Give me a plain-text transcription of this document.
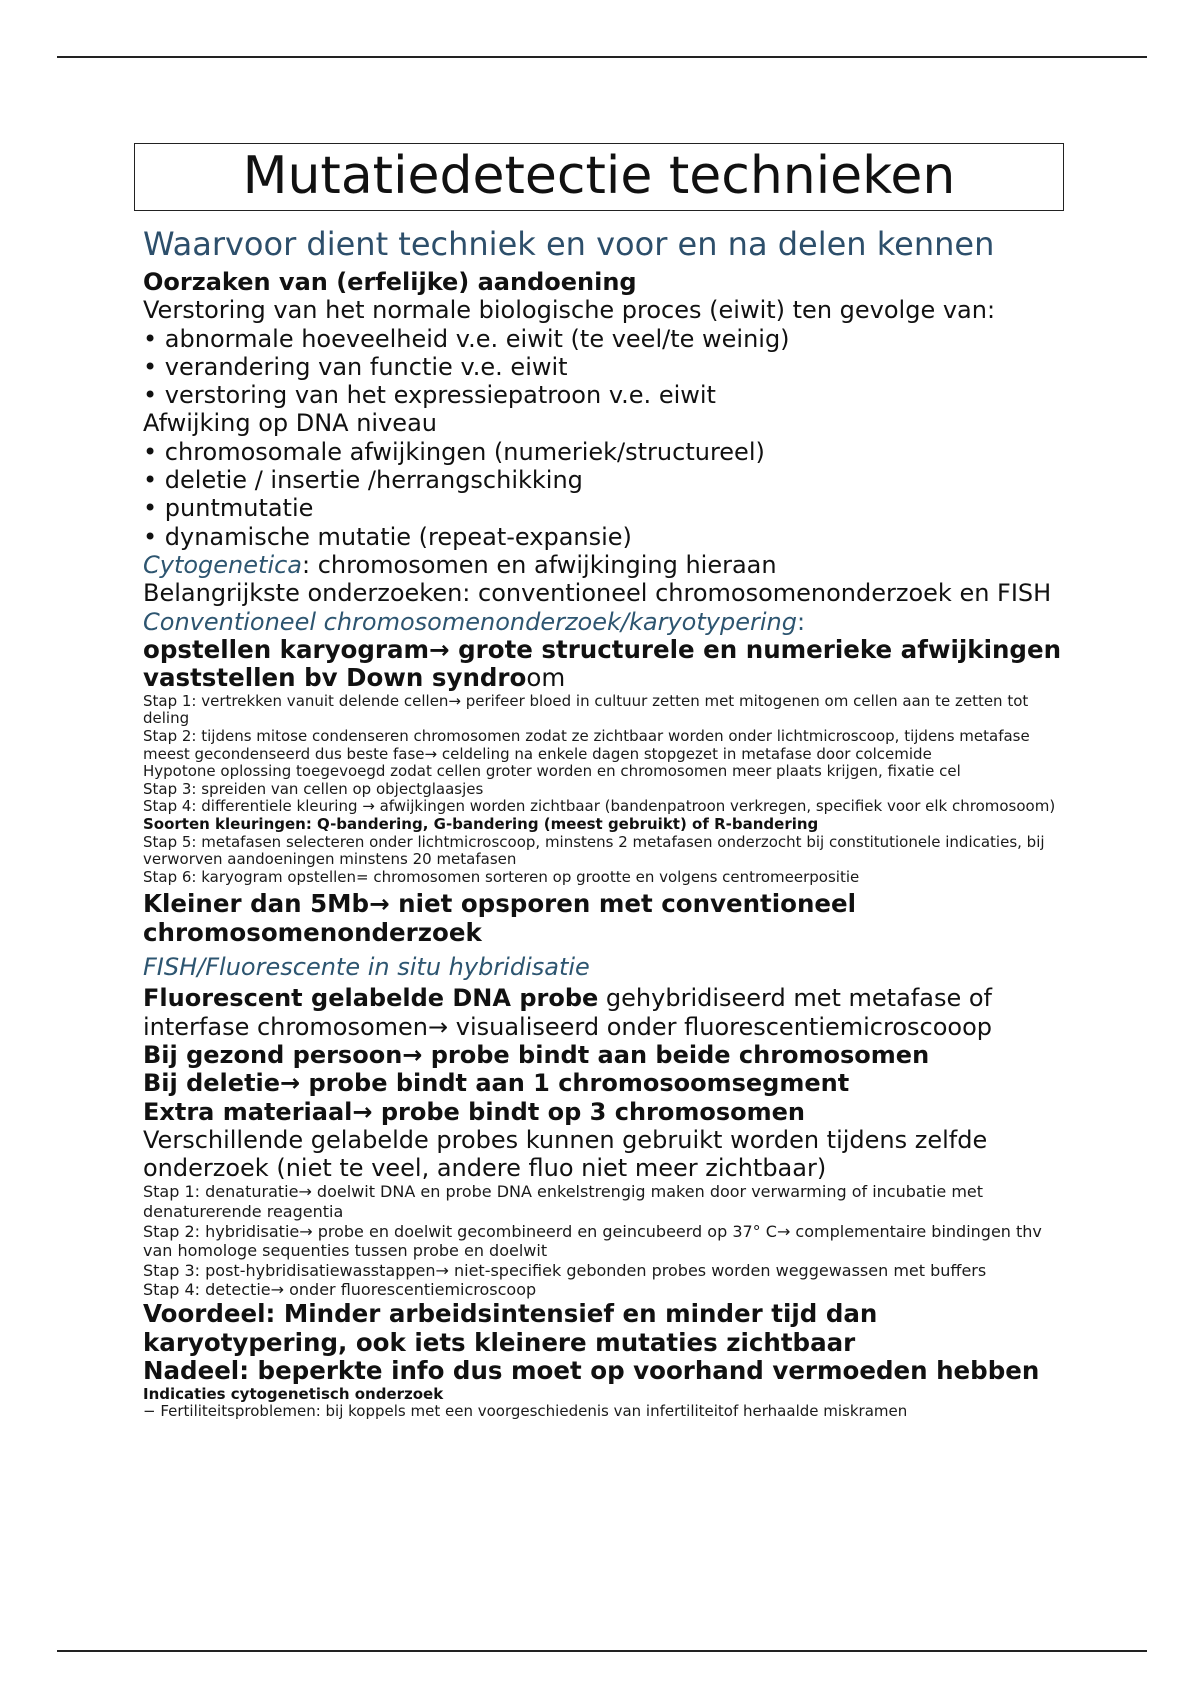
Mutatiedetectie technieken
Waarvoor dient techniek en voor en na delen kennen

Oorzaken van (erfelijke) aandoening

Verstoring van het normale biologische proces (eiwit) ten gevolge van:

• abnormale hoeveelheid v.e. eiwit (te veel/te weinig)

• verandering van functie v.e. eiwit

• verstoring van het expressiepatroon v.e. eiwit

Afwijking op DNA niveau

• chromosomale afwijkingen (numeriek/structureel)

• deletie / insertie /herrangschikking

• puntmutatie

• dynamische mutatie (repeat-expansie)

Cytogenetica: chromosomen en afwijkinging hieraan

Belangrijkste onderzoeken: conventioneel chromosomenonderzoek en FISH

Conventioneel chromosomenonderzoek/karyotypering:

opstellen karyogram→ grote structurele en numerieke afwijkingen vaststellen bv Down syndroom

Stap 1: vertrekken vanuit delende cellen→ perifeer bloed in cultuur zetten met mitogenen om cellen aan te zetten tot deling

Stap 2: tijdens mitose condenseren chromosomen zodat ze zichtbaar worden onder lichtmicroscoop, tijdens metafase meest gecondenseerd dus beste fase→ celdeling na enkele dagen stopgezet in metafase door colcemide

Hypotone oplossing toegevoegd zodat cellen groter worden en chromosomen meer plaats krijgen, fixatie cel

Stap 3: spreiden van cellen op objectglaasjes

Stap 4: differentiele kleuring → afwijkingen worden zichtbaar (bandenpatroon verkregen, specifiek voor elk chromosoom)

Soorten kleuringen: Q-bandering, G-bandering (meest gebruikt) of R-bandering

Stap 5: metafasen selecteren onder lichtmicroscoop, minstens 2 metafasen onderzocht bij constitutionele indicaties, bij verworven aandoeningen minstens 20 metafasen

Stap 6: karyogram opstellen= chromosomen sorteren op grootte en volgens centromeerpositie

Kleiner dan 5Mb→ niet opsporen met conventioneel chromosomenonderzoek

FISH/Fluorescente in situ hybridisatie

Fluorescent gelabelde DNA probe gehybridiseerd met metafase of interfase chromosomen→ visualiseerd onder fluorescentiemicroscooop

Bij gezond persoon→ probe bindt aan beide chromosomen

Bij deletie→ probe bindt aan 1 chromosoomsegment

Extra materiaal→ probe bindt op 3 chromosomen

Verschillende gelabelde probes kunnen gebruikt worden tijdens zelfde onderzoek (niet te veel, andere fluo niet meer zichtbaar)

Stap 1: denaturatie→ doelwit DNA en probe DNA enkelstrengig maken door verwarming of incubatie met denaturerende reagentia

Stap 2: hybridisatie→ probe en doelwit gecombineerd en geincubeerd op 37° C→ complementaire bindingen thv van homologe sequenties tussen probe en doelwit

Stap 3: post-hybridisatiewasstappen→ niet-specifiek gebonden probes worden weggewassen met buffers

Stap 4: detectie→ onder fluorescentiemicroscoop

Voordeel: Minder arbeidsintensief en minder tijd dan karyotypering, ook iets kleinere mutaties zichtbaar

Nadeel: beperkte info dus moet op voorhand vermoeden hebben

Indicaties cytogenetisch onderzoek

− Fertiliteitsproblemen: bij koppels met een voorgeschiedenis van infertiliteitof herhaalde miskramen
